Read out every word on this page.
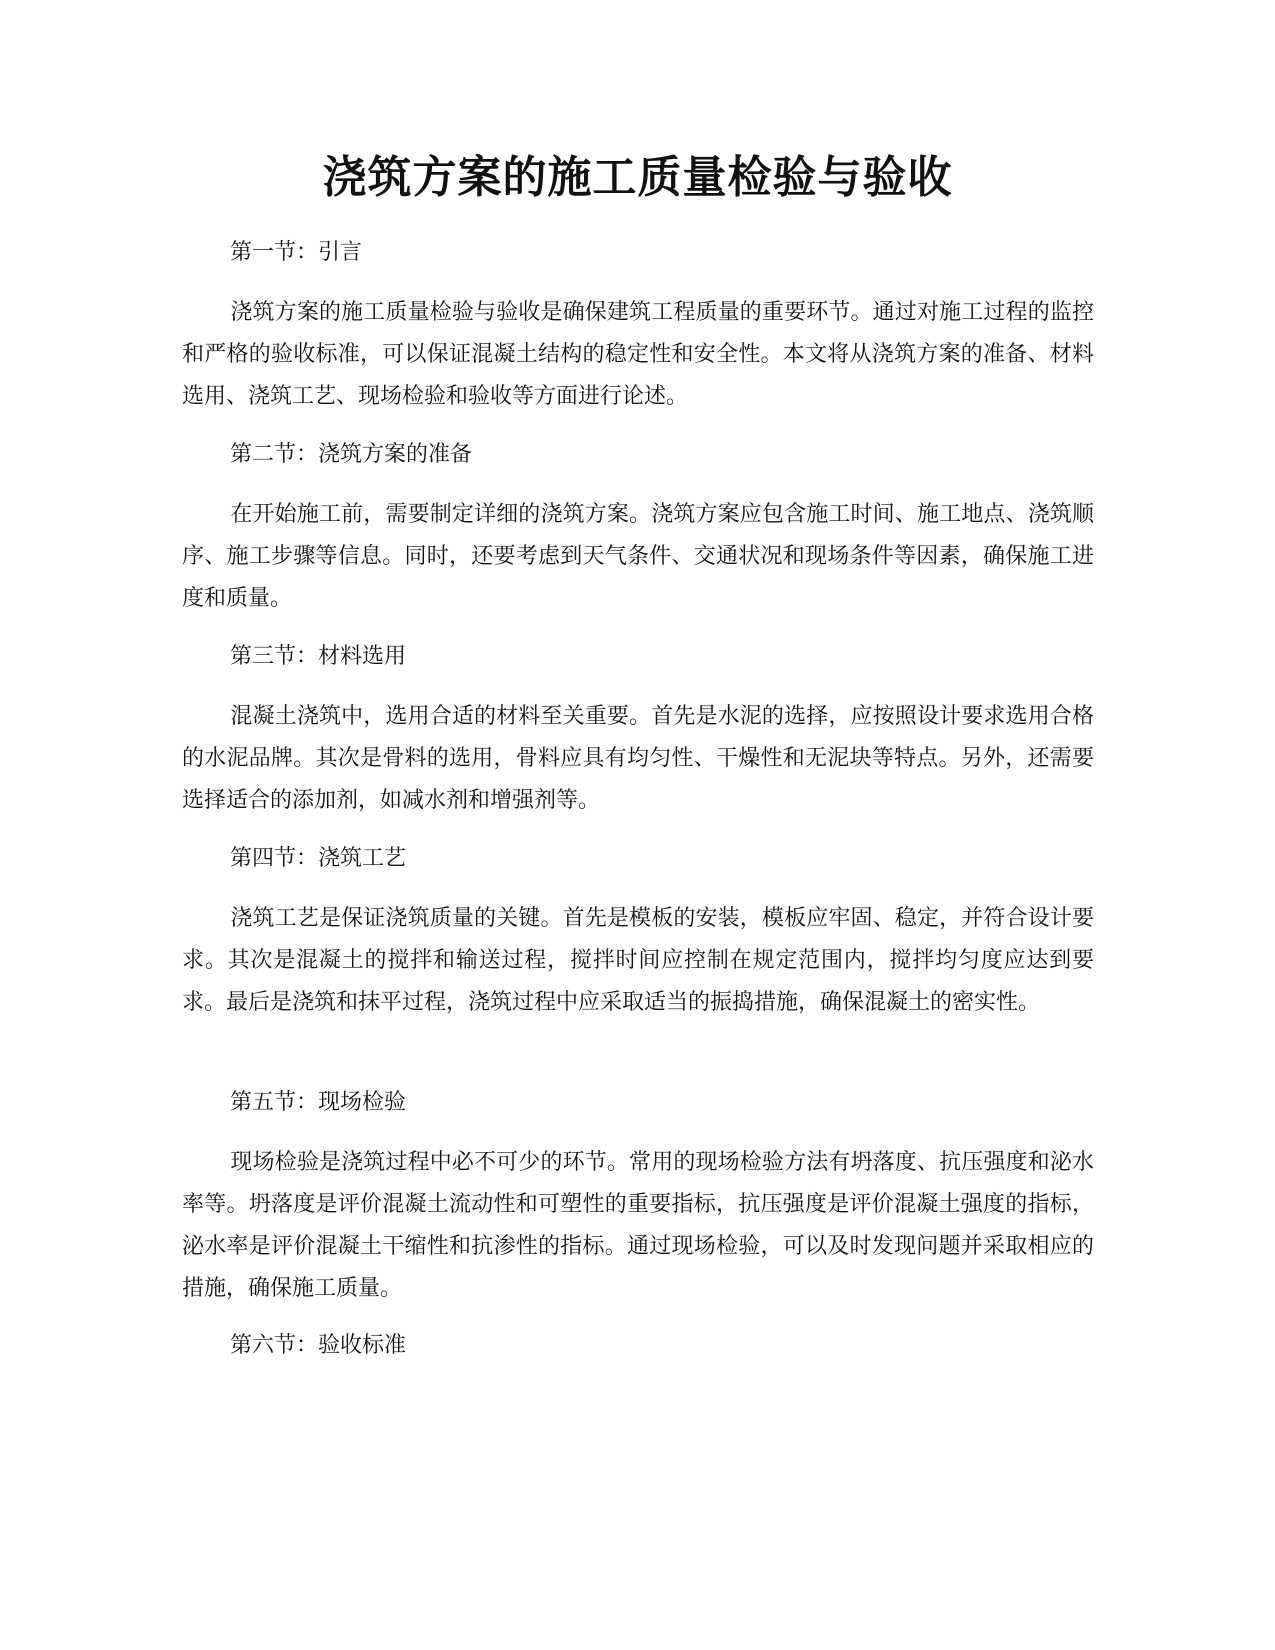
浇筑方案的施工质量检验与验收

第一节：引言

浇筑方案的施工质量检验与验收是确保建筑工程质量的重要环节。通过对施工过程的监控和严格的验收标准，可以保证混凝土结构的稳定性和安全性。本文将从浇筑方案的准备、材料选用、浇筑工艺、现场检验和验收等方面进行论述。

第二节：浇筑方案的准备

在开始施工前，需要制定详细的浇筑方案。浇筑方案应包含施工时间、施工地点、浇筑顺序、施工步骤等信息。同时，还要考虑到天气条件、交通状况和现场条件等因素，确保施工进度和质量。

第三节：材料选用

混凝土浇筑中，选用合适的材料至关重要。首先是水泥的选择，应按照设计要求选用合格的水泥品牌。其次是骨料的选用，骨料应具有均匀性、干燥性和无泥块等特点。另外，还需要选择适合的添加剂，如减水剂和增强剂等。

第四节：浇筑工艺

浇筑工艺是保证浇筑质量的关键。首先是模板的安装，模板应牢固、稳定，并符合设计要求。其次是混凝土的搅拌和输送过程，搅拌时间应控制在规定范围内，搅拌均匀度应达到要求。最后是浇筑和抹平过程，浇筑过程中应采取适当的振捣措施，确保混凝土的密实性。

第五节：现场检验

现场检验是浇筑过程中必不可少的环节。常用的现场检验方法有坍落度、抗压强度和泌水率等。坍落度是评价混凝土流动性和可塑性的重要指标，抗压强度是评价混凝土强度的指标，泌水率是评价混凝土干缩性和抗渗性的指标。通过现场检验，可以及时发现问题并采取相应的措施，确保施工质量。

第六节：验收标准
